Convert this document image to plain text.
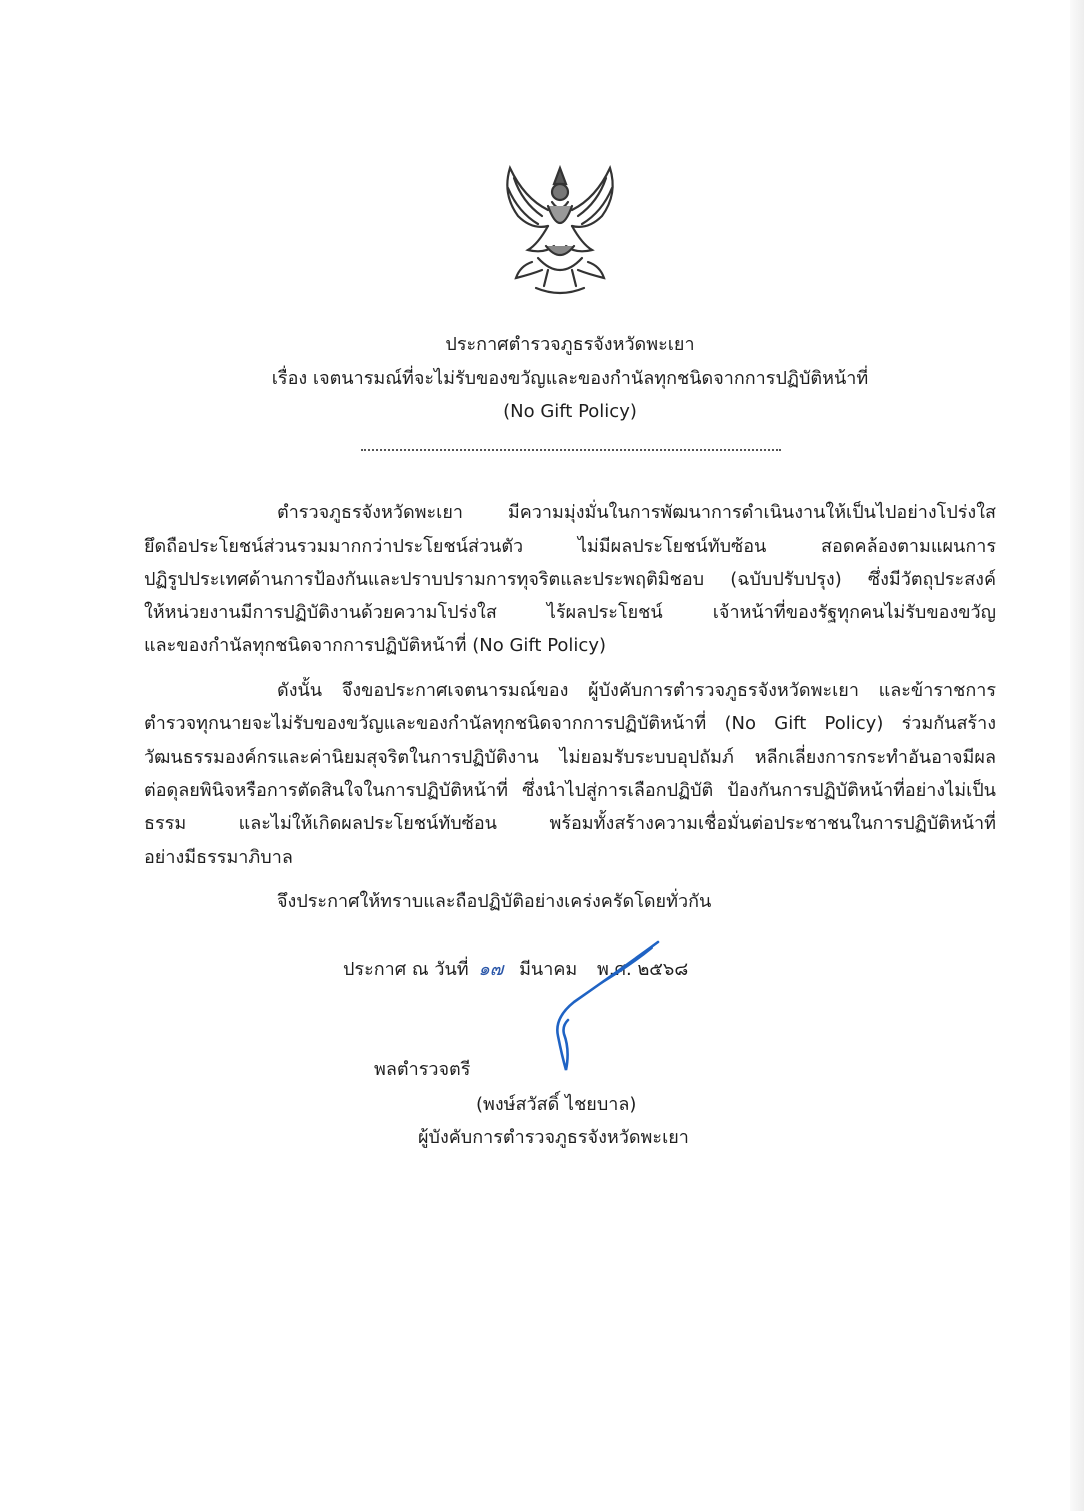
ประกาศตำรวจภูธรจังหวัดพะเยา
เรื่อง เจตนารมณ์ที่จะไม่รับของขวัญและของกำนัลทุกชนิดจากการปฏิบัติหน้าที่
(No Gift Policy)
ตำรวจภูธรจังหวัดพะเยา มีความมุ่งมั่นในการพัฒนาการดำเนินงานให้เป็นไปอย่างโปร่งใส
ยึดถือประโยชน์ส่วนรวมมากกว่าประโยชน์ส่วนตัว ไม่มีผลประโยชน์ทับซ้อน สอดคล้องตามแผนการ
ปฏิรูปประเทศด้านการป้องกันและปราบปรามการทุจริตและประพฤติมิชอบ (ฉบับปรับปรุง) ซึ่งมีวัตถุประสงค์
ให้หน่วยงานมีการปฏิบัติงานด้วยความโปร่งใส ไร้ผลประโยชน์ เจ้าหน้าที่ของรัฐทุกคนไม่รับของขวัญ
และของกำนัลทุกชนิดจากการปฏิบัติหน้าที่ (No Gift Policy)
ดังนั้น จึงขอประกาศเจตนารมณ์ของ ผู้บังคับการตำรวจภูธรจังหวัดพะเยา และข้าราชการ
ตำรวจทุกนายจะไม่รับของขวัญและของกำนัลทุกชนิดจากการปฏิบัติหน้าที่ (No Gift Policy) ร่วมกันสร้าง
วัฒนธรรมองค์กรและค่านิยมสุจริตในการปฏิบัติงาน ไม่ยอมรับระบบอุปถัมภ์ หลีกเลี่ยงการกระทำอันอาจมีผล
ต่อดุลยพินิจหรือการตัดสินใจในการปฏิบัติหน้าที่ ซึ่งนำไปสู่การเลือกปฏิบัติ ป้องกันการปฏิบัติหน้าที่อย่างไม่เป็น
ธรรม และไม่ให้เกิดผลประโยชน์ทับซ้อน พร้อมทั้งสร้างความเชื่อมั่นต่อประชาชนในการปฏิบัติหน้าที่
อย่างมีธรรมาภิบาล
จึงประกาศให้ทราบและถือปฏิบัติอย่างเคร่งครัดโดยทั่วกัน
ประกาศ ณ วันที่ ๑๗ มีนาคม พ.ศ. ๒๕๖๘
พลตำรวจตรี
(พงษ์สวัสดิ์ ไชยบาล)
ผู้บังคับการตำรวจภูธรจังหวัดพะเยา
